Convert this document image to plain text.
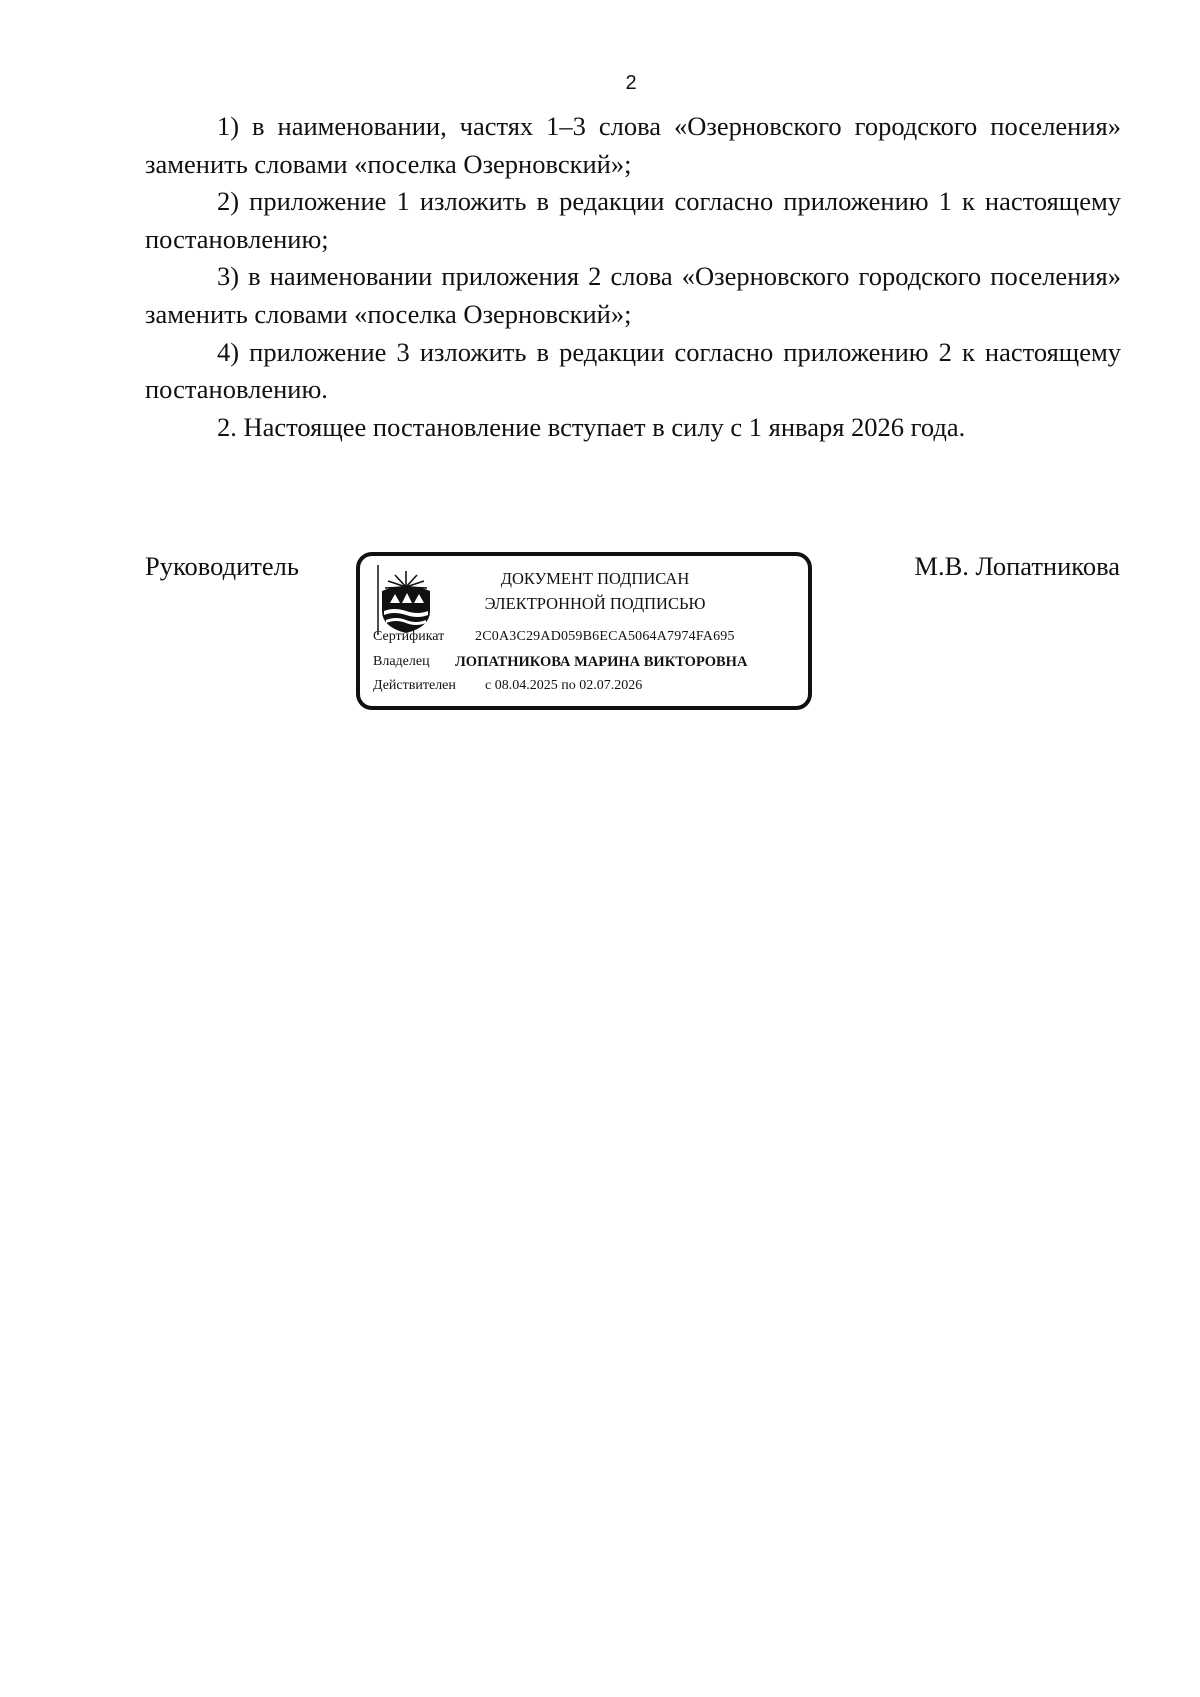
2

1) в наименовании, частях 1–3 слова «Озерновского городского поселения» заменить словами «поселка Озерновский»;

2) приложение 1 изложить в редакции согласно приложению 1 к настоящему постановлению;

3) в наименовании приложения 2 слова «Озерновского городского поселения» заменить словами «поселка Озерновский»;

4) приложение 3 изложить в редакции согласно приложению 2 к настоящему постановлению.

2. Настоящее постановление вступает в силу с 1 января 2026 года.

Руководитель	М.В. Лопатникова
ДОКУМЕНТ ПОДПИСАН
ЭЛЕКТРОННОЙ ПОДПИСЬЮ
Сертификат 2C0A3C29AD059B6ECA5064A7974FA695
Владелец ЛОПАТНИКОВА МАРИНА ВИКТОРОВНА
Действителен с 08.04.2025 по 02.07.2026
